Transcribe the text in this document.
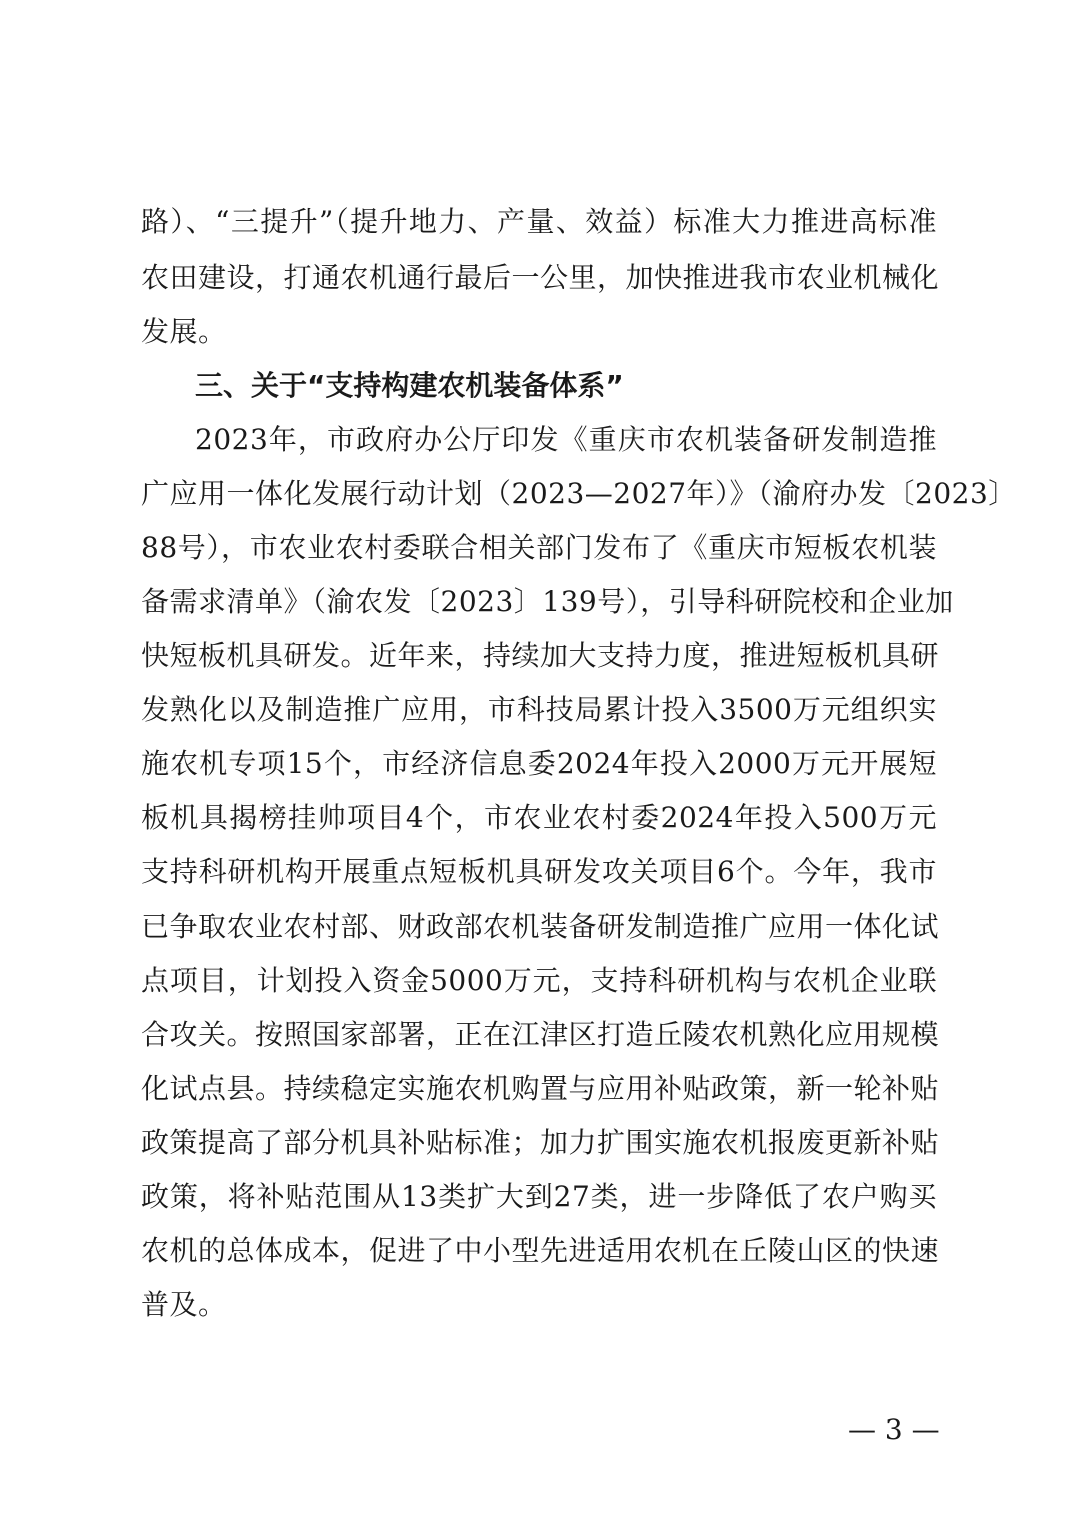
路）、“三提升”（提升地力、产量、效益）标准大力推进高标准
农田建设，打通农机通行最后一公里，加快推进我市农业机械化
发展。
三、关于“支持构建农机装备体系”
2023年，市政府办公厅印发《重庆市农机装备研发制造推
广应用一体化发展行动计划（2023—2027年）》（渝府办发〔2023〕
88号），市农业农村委联合相关部门发布了《重庆市短板农机装
备需求清单》（渝农发〔2023〕139号），引导科研院校和企业加
快短板机具研发。近年来，持续加大支持力度，推进短板机具研
发熟化以及制造推广应用，市科技局累计投入3500万元组织实
施农机专项15个，市经济信息委2024年投入2000万元开展短
板机具揭榜挂帅项目4个，市农业农村委2024年投入500万元
支持科研机构开展重点短板机具研发攻关项目6个。今年，我市
已争取农业农村部、财政部农机装备研发制造推广应用一体化试
点项目，计划投入资金5000万元，支持科研机构与农机企业联
合攻关。按照国家部署，正在江津区打造丘陵农机熟化应用规模
化试点县。持续稳定实施农机购置与应用补贴政策，新一轮补贴
政策提高了部分机具补贴标准；加力扩围实施农机报废更新补贴
政策，将补贴范围从13类扩大到27类，进一步降低了农户购买
农机的总体成本，促进了中小型先进适用农机在丘陵山区的快速
普及。
— 3 —
